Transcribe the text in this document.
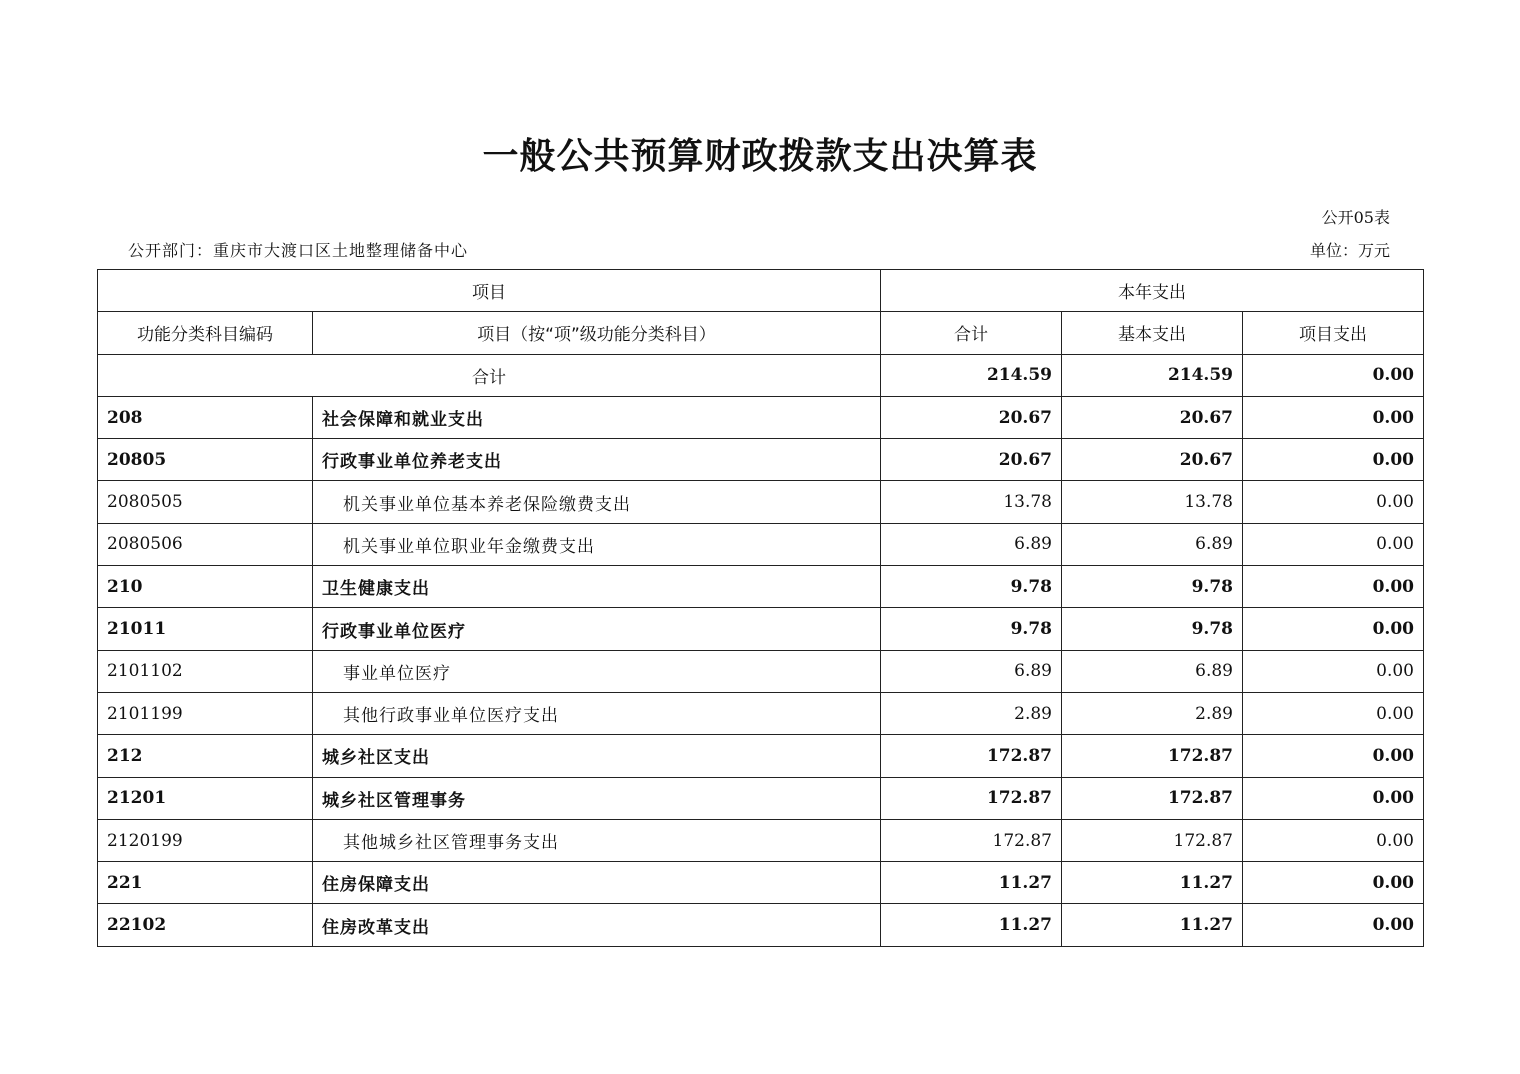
一般公共预算财政拨款支出决算表
公开05表
公开部门：重庆市大渡口区土地整理储备中心	单位：万元
项目		本年支出		
功能分类科目编码	项目（按“项”级功能分类科目）	合计	基本支出	项目支出
合计		214.59	214.59	0.00
208	社会保障和就业支出	20.67	20.67	0.00
20805	行政事业单位养老支出	20.67	20.67	0.00
2080505	机关事业单位基本养老保险缴费支出	13.78	13.78	0.00
2080506	机关事业单位职业年金缴费支出	6.89	6.89	0.00
210	卫生健康支出	9.78	9.78	0.00
21011	行政事业单位医疗	9.78	9.78	0.00
2101102	事业单位医疗	6.89	6.89	0.00
2101199	其他行政事业单位医疗支出	2.89	2.89	0.00
212	城乡社区支出	172.87	172.87	0.00
21201	城乡社区管理事务	172.87	172.87	0.00
2120199	其他城乡社区管理事务支出	172.87	172.87	0.00
221	住房保障支出	11.27	11.27	0.00
22102	住房改革支出	11.27	11.27	0.00
